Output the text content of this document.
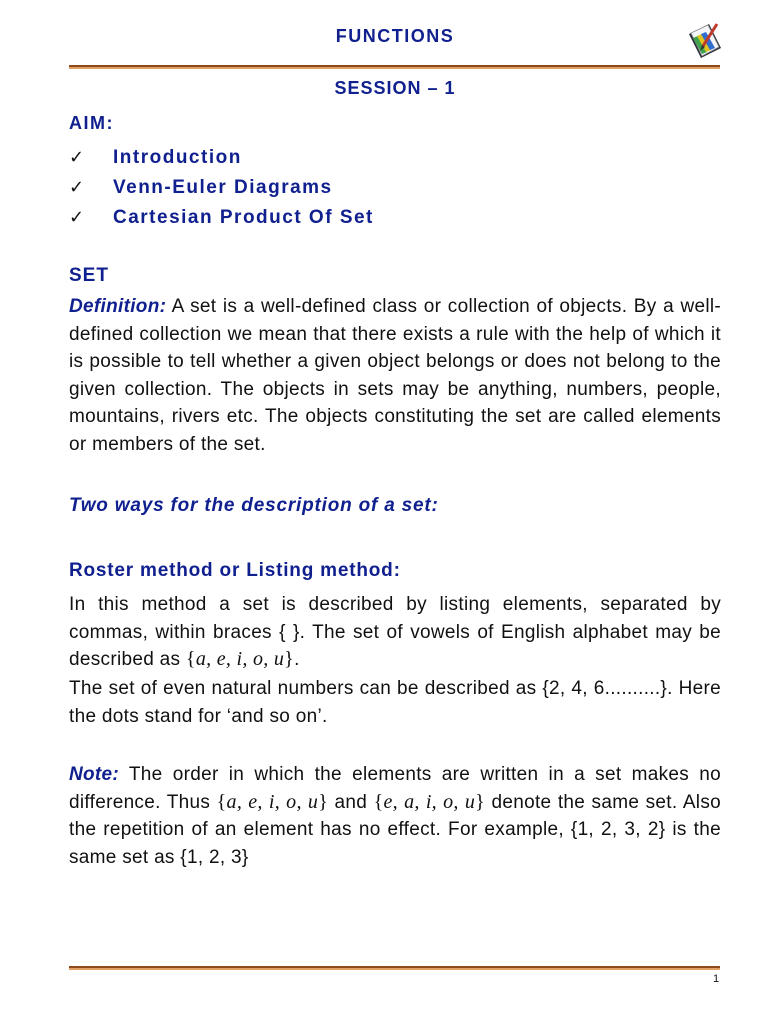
FUNCTIONS
SESSION – 1
AIM:
✓ Introduction
✓ Venn-Euler Diagrams
✓ Cartesian Product Of Set
SET

Definition: A set is a well-defined class or collection of objects. By a well-defined collection we mean that there exists a rule with the help of which it is possible to tell whether a given object belongs or does not belong to the given collection. The objects in sets may be anything, numbers, people, mountains, rivers etc. The objects constituting the set are called elements or members of the set.

Two ways for the description of a set:
Roster method or Listing method:

In this method a set is described by listing elements, separated by commas, within braces { }. The set of vowels of English alphabet may be described as {a, e, i, o, u}.

The set of even natural numbers can be described as {2, 4, 6..........}. Here the dots stand for ‘and so on’.

Note: The order in which the elements are written in a set makes no difference. Thus {a, e, i, o, u} and {e, a, i, o, u} denote the same set. Also the repetition of an element has no effect. For example, {1, 2, 3, 2} is the same set as {1, 2, 3}

1
